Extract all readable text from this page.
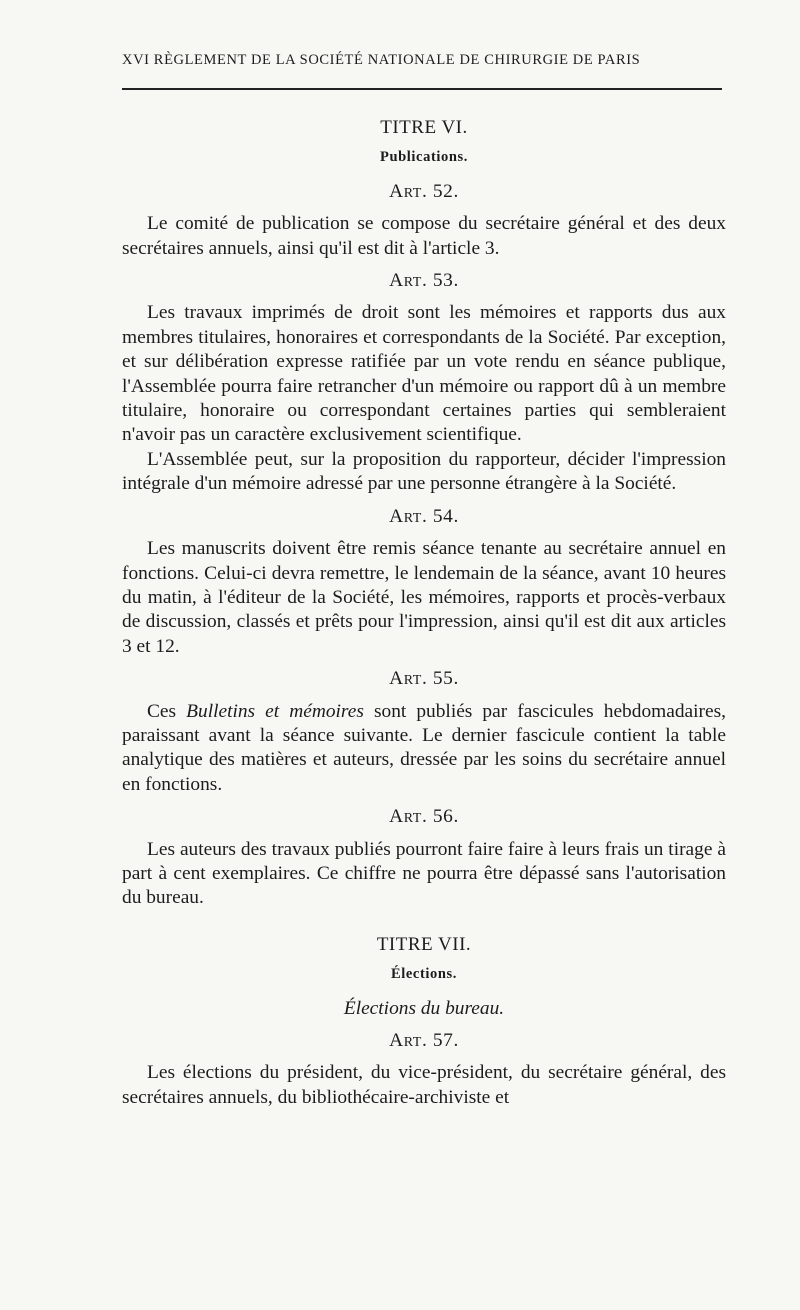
XVI RÈGLEMENT DE LA SOCIÉTÉ NATIONALE DE CHIRURGIE DE PARIS
TITRE VI.
Publications.
Art. 52.

Le comité de publication se compose du secrétaire général et des deux secrétaires annuels, ainsi qu'il est dit à l'article 3.

Art. 53.

Les travaux imprimés de droit sont les mémoires et rapports dus aux membres titulaires, honoraires et correspondants de la Société. Par exception, et sur délibération expresse ratifiée par un vote rendu en séance publique, l'Assemblée pourra faire retrancher d'un mémoire ou rapport dû à un membre titulaire, honoraire ou correspondant certaines parties qui sembleraient n'avoir pas un caractère exclusivement scientifique.

L'Assemblée peut, sur la proposition du rapporteur, décider l'impression intégrale d'un mémoire adressé par une personne étrangère à la Société.

Art. 54.

Les manuscrits doivent être remis séance tenante au secrétaire annuel en fonctions. Celui-ci devra remettre, le lendemain de la séance, avant 10 heures du matin, à l'éditeur de la Société, les mémoires, rapports et procès-verbaux de discussion, classés et prêts pour l'impression, ainsi qu'il est dit aux articles 3 et 12.

Art. 55.

Ces Bulletins et mémoires sont publiés par fascicules hebdomadaires, paraissant avant la séance suivante. Le dernier fascicule contient la table analytique des matières et auteurs, dressée par les soins du secrétaire annuel en fonctions.

Art. 56.

Les auteurs des travaux publiés pourront faire faire à leurs frais un tirage à part à cent exemplaires. Ce chiffre ne pourra être dépassé sans l'autorisation du bureau.

TITRE VII.
Élections.
Élections du bureau.
Art. 57.

Les élections du président, du vice-président, du secrétaire général, des secrétaires annuels, du bibliothécaire-archiviste et
